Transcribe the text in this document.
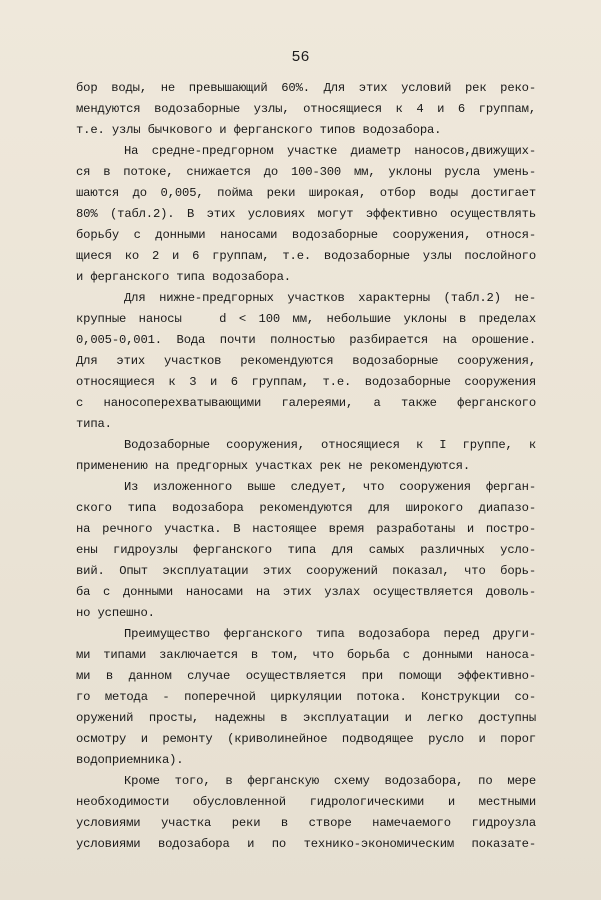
56
бор воды, не превышающий 60%. Для этих условий рек реко-
мендуются водозаборные узлы, относящиеся к 4 и 6 группам,
т.е. узлы бычкового и ферганского типов водозабора.
На средне-предгорном участке диаметр наносов,движущих-
ся в потоке, снижается до 100-300 мм, уклоны русла умень-
шаются до 0,005, пойма реки широкая, отбор воды достигает
80% (табл.2). В этих условиях могут эффективно осуществлять
борьбу с донными наносами водозаборные сооружения, относя-
щиеся ко 2 и 6 группам, т.е. водозаборные узлы послойного
и ферганского типа водозабора.
Для нижне-предгорных участков характерны (табл.2) не-
крупные наносы   d < 100 мм, небольшие уклоны в пределах
0,005-0,001. Вода почти полностью разбирается на орошение.
Для этих участков рекомендуются водозаборные сооружения,
относящиеся к 3 и 6 группам, т.е. водозаборные сооружения
с наносоперехватывающими галереями, а также ферганского
типа.
Водозаборные сооружения, относящиеся к I группе, к
применению на предгорных участках рек не рекомендуются.
Из изложенного выше следует, что сооружения ферган-
ского типа водозабора рекомендуются для широкого диапазо-
на речного участка. В настоящее время разработаны и постро-
ены гидроузлы ферганского типа для самых различных усло-
вий. Опыт эксплуатации этих сооружений показал, что борь-
ба с донными наносами на этих узлах осуществляется доволь-
но успешно.
Преимущество ферганского типа водозабора перед други-
ми типами заключается в том, что борьба с донными наноса-
ми в данном случае осуществляется при помощи эффективно-
го метода - поперечной циркуляции потока. Конструкции со-
оружений просты, надежны в эксплуатации и легко доступны
осмотру и ремонту (криволинейное подводящее русло и порог
водоприемника).
Кроме того, в ферганскую схему водозабора, по мере
необходимости обусловленной гидрологическими и местными
условиями участка реки в створе намечаемого гидроузла
условиями водозабора и по технико-экономическим показате-
